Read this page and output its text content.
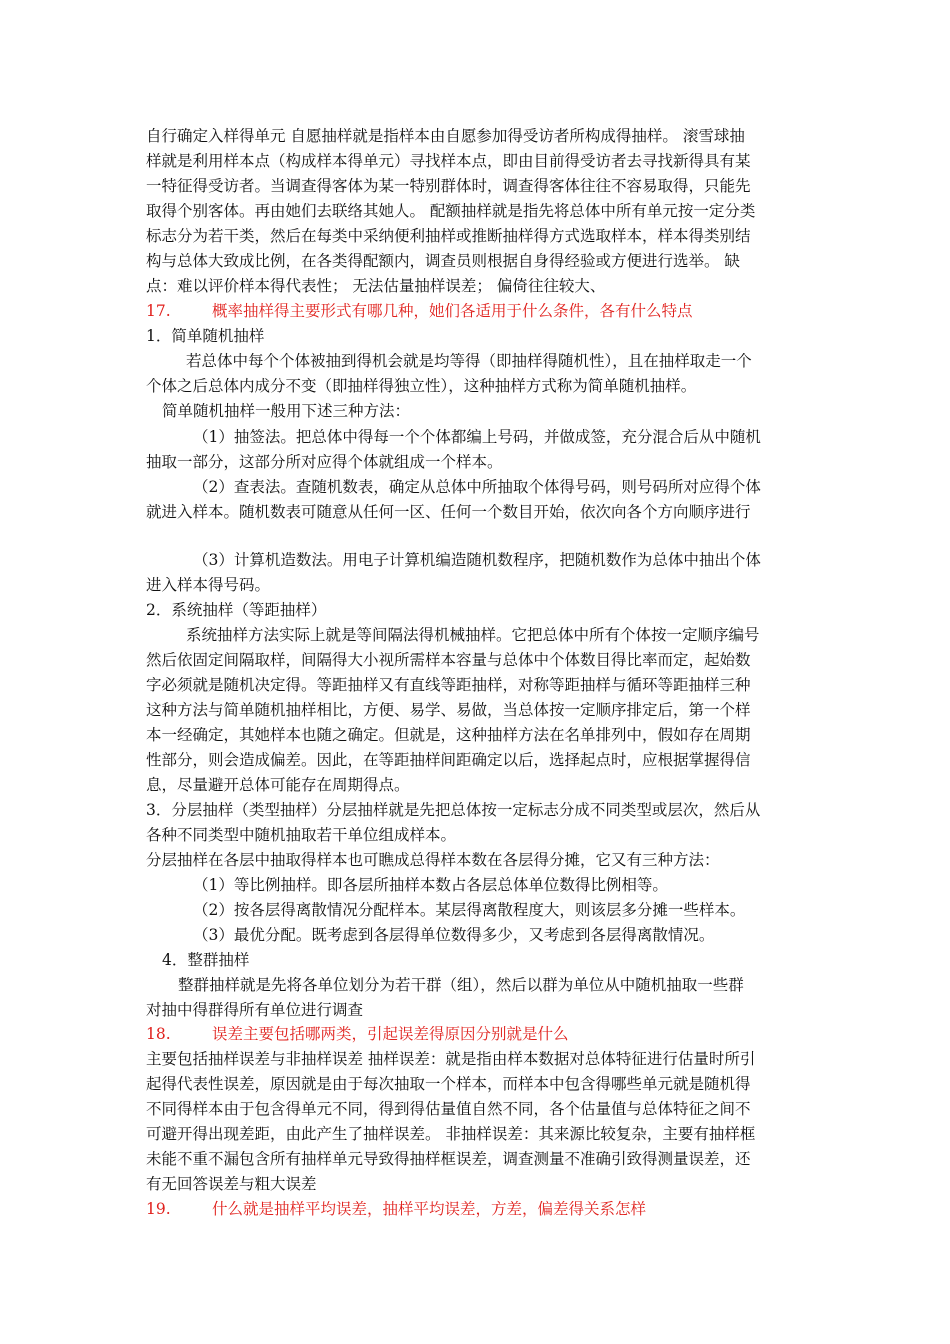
自行确定入样得单元 自愿抽样就是指样本由自愿参加得受访者所构成得抽样。 滚雪球抽
样就是利用样本点（构成样本得单元）寻找样本点，即由目前得受访者去寻找新得具有某
一特征得受访者。当调查得客体为某一特别群体时，调查得客体往往不容易取得，只能先
取得个别客体。再由她们去联络其她人。 配额抽样就是指先将总体中所有单元按一定分类
标志分为若干类，然后在每类中采纳便利抽样或推断抽样得方式选取样本，样本得类别结
构与总体大致成比例，在各类得配额内，调查员则根据自身得经验或方便进行选举。 缺
点：难以评价样本得代表性； 无法估量抽样误差； 偏倚往往较大、
17.	概率抽样得主要形式有哪几种，她们各适用于什么条件，各有什么特点
1．简单随机抽样
若总体中每个个体被抽到得机会就是均等得（即抽样得随机性），且在抽样取走一个
个体之后总体内成分不变（即抽样得独立性），这种抽样方式称为简单随机抽样。
简单随机抽样一般用下述三种方法：
（1）抽签法。把总体中得每一个个体都编上号码，并做成签，充分混合后从中随机
抽取一部分，这部分所对应得个体就组成一个样本。
（2）查表法。查随机数表，确定从总体中所抽取个体得号码，则号码所对应得个体
就进入样本。随机数表可随意从任何一区、任何一个数目开始，依次向各个方向顺序进行
（3）计算机造数法。用电子计算机编造随机数程序，把随机数作为总体中抽出个体
进入样本得号码。
2．系统抽样（等距抽样）
系统抽样方法实际上就是等间隔法得机械抽样。它把总体中所有个体按一定顺序编号
然后依固定间隔取样，间隔得大小视所需样本容量与总体中个体数目得比率而定，起始数
字必须就是随机决定得。等距抽样又有直线等距抽样，对称等距抽样与循环等距抽样三种
这种方法与简单随机抽样相比，方便、易学、易做，当总体按一定顺序排定后，第一个样
本一经确定，其她样本也随之确定。但就是，这种抽样方法在名单排列中，假如存在周期
性部分，则会造成偏差。因此，在等距抽样间距确定以后，选择起点时，应根据掌握得信
息，尽量避开总体可能存在周期得点。
3．分层抽样（类型抽样）分层抽样就是先把总体按一定标志分成不同类型或层次，然后从
各种不同类型中随机抽取若干单位组成样本。
分层抽样在各层中抽取得样本也可瞧成总得样本数在各层得分摊，它又有三种方法：
（1）等比例抽样。即各层所抽样本数占各层总体单位数得比例相等。
（2）按各层得离散情况分配样本。某层得离散程度大，则该层多分摊一些样本。
（3）最优分配。既考虑到各层得单位数得多少，又考虑到各层得离散情况。
4．整群抽样
整群抽样就是先将各单位划分为若干群（组），然后以群为单位从中随机抽取一些群
对抽中得群得所有单位进行调查
18.	误差主要包括哪两类，引起误差得原因分别就是什么
主要包括抽样误差与非抽样误差 抽样误差：就是指由样本数据对总体特征进行估量时所引
起得代表性误差，原因就是由于每次抽取一个样本，而样本中包含得哪些单元就是随机得
不同得样本由于包含得单元不同，得到得估量值自然不同，各个估量值与总体特征之间不
可避开得出现差距，由此产生了抽样误差。 非抽样误差：其来源比较复杂，主要有抽样框
未能不重不漏包含所有抽样单元导致得抽样框误差，调查测量不准确引致得测量误差，还
有无回答误差与粗大误差
19.	什么就是抽样平均误差，抽样平均误差，方差，偏差得关系怎样
